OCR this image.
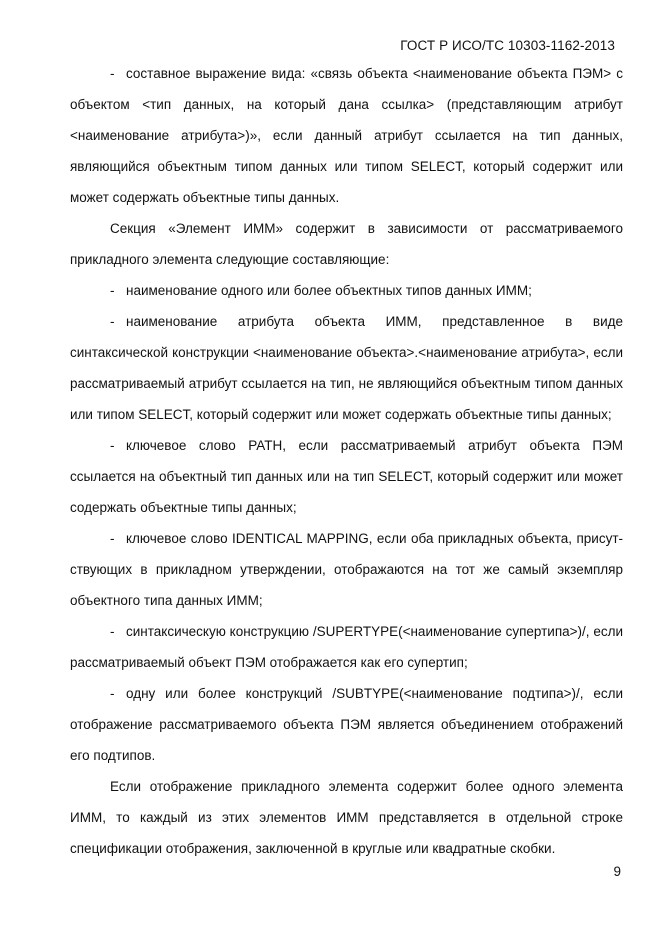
ГОСТ Р ИСО/ТС 10303-1162-2013

- составное выражение вида: «связь объекта <наименование объекта ПЭМ> с объектом <тип данных, на который дана ссылка> (представляющим атрибут <наименование атрибута>)», если данный атрибут ссылается на тип данных, являющийся объектным типом данных или типом SELECT, который содержит или может содержать объектные типы данных.

Секция «Элемент ИММ» содержит в зависимости от рассматриваемого прикладного элемента следующие составляющие:

- наименование одного или более объектных типов данных ИММ;

- наименование атрибута объекта ИММ, представленное в виде синтаксической конструкции <наименование объекта>.<наименование атрибута>, если рассматриваемый атрибут ссылается на тип, не являющийся объектным типом данных или типом SELECT, который содержит или может содержать объектные типы данных;

- ключевое слово PATH, если рассматриваемый атрибут объекта ПЭМ ссылается на объектный тип данных или на тип SELECT, который содержит или может содержать объектные типы данных;

- ключевое слово IDENTICAL MAPPING, если оба прикладных объекта, присут-ствующих в прикладном утверждении, отображаются на тот же самый экземпляр объектного типа данных ИММ;

- синтаксическую конструкцию /SUPERTYPE(<наименование супертипа>)/, если рассматриваемый объект ПЭМ отображается как его супертип;

- одну или более конструкций /SUBTYPE(<наименование подтипа>)/, если отображение рассматриваемого объекта ПЭМ является объединением отображений его подтипов.

Если отображение прикладного элемента содержит более одного элемента ИММ, то каждый из этих элементов ИММ представляется в отдельной строке спецификации отображения, заключенной в круглые или квадратные скобки.

9
